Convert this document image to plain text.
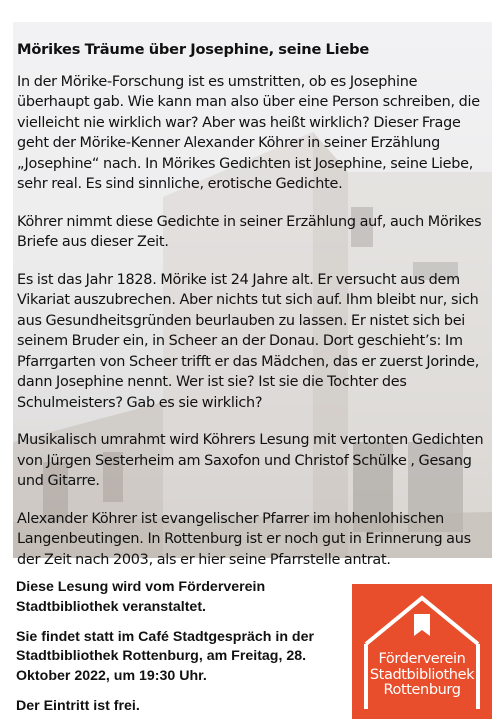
Mörikes Träume über Josephine, seine Liebe

In der Mörike-Forschung ist es umstritten, ob es Josephine überhaupt gab. Wie kann man also über eine Person schreiben, die vielleicht nie wirklich war? Aber was heißt wirklich? Dieser Frage geht der Mörike-Kenner Alexander Köhrer in seiner Erzählung „Josephine“ nach. In Mörikes Gedichten ist Josephine, seine Liebe, sehr real. Es sind sinnliche, erotische Gedichte.

Köhrer nimmt diese Gedichte in seiner Erzählung auf, auch Mörikes Briefe aus dieser Zeit.

Es ist das Jahr 1828. Mörike ist 24 Jahre alt. Er versucht aus dem Vikariat auszubrechen. Aber nichts tut sich auf. Ihm bleibt nur, sich aus Gesundheitsgründen beurlauben zu lassen. Er nistet sich bei seinem Bruder ein, in Scheer an der Donau. Dort geschieht’s: Im Pfarrgarten von Scheer trifft er das Mädchen, das er zuerst Jorinde, dann Josephine nennt. Wer ist sie? Ist sie die Tochter des Schulmeisters? Gab es sie wirklich?

Musikalisch umrahmt wird Köhrers Lesung mit vertonten Gedichten von Jürgen Sesterheim am Saxofon und Christof Schülke , Gesang und Gitarre.

Alexander Köhrer ist evangelischer Pfarrer im hohenlohischen Langenbeutingen. In Rottenburg ist er noch gut in Erinnerung aus der Zeit nach 2003, als er hier seine Pfarrstelle antrat.

Diese Lesung wird vom Förderverein Stadtbibliothek veranstaltet.

Sie findet statt im Café Stadtgespräch in der Stadtbibliothek Rottenburg, am Freitag, 28. Oktober 2022, um 19:30 Uhr.

Der Eintritt ist frei.

Förderverein
Stadtbibliothek
Rottenburg
